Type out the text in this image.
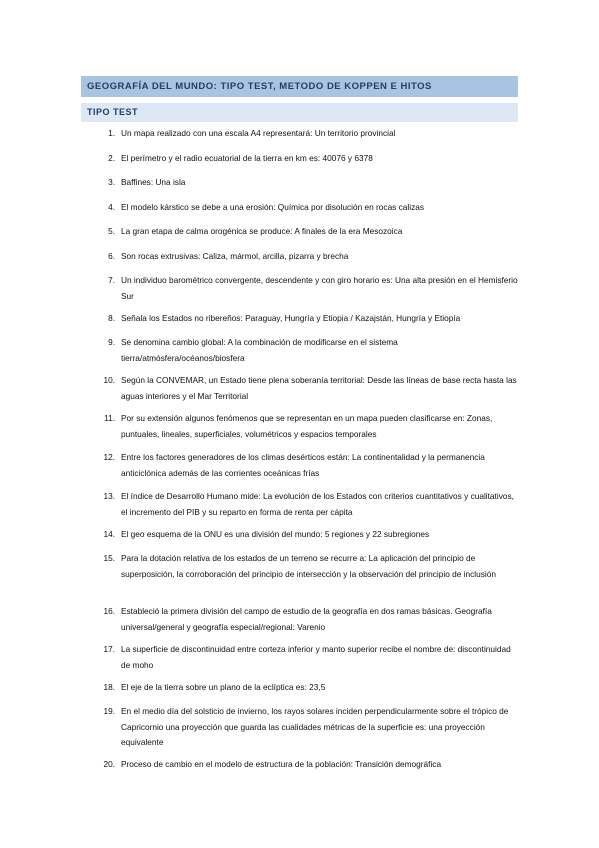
GEOGRAFÍA DEL MUNDO: TIPO TEST, METODO DE KOPPEN E HITOS
TIPO TEST
1. Un mapa realizado con una escala A4 representará: Un territorio provincial
2. El perímetro y el radio ecuatorial de la tierra en km es: 40076 y 6378
3. Baffines: Una isla
4. El modelo kárstico se debe a una erosión: Química por disolución en rocas calizas
5. La gran etapa de calma orogénica se produce: A finales de la era Mesozoica
6. Son rocas extrusivas: Caliza, mármol, arcilla, pizarra y brecha
7. Un individuo barométrico convergente, descendente y con giro horario es: Una alta presión en el Hemisferio Sur
8. Señala los Estados no ribereños: Paraguay, Hungría y Etiopia / Kazajstán, Hungría y Etiopía
9. Se denomina cambio global: A la combinación de modificarse en el sistema tierra/atmósfera/océanos/biosfera
10. Según la CONVEMAR, un Estado tiene plena soberanía territorial: Desde las líneas de base recta hasta las aguas interiores y el Mar Territorial
11. Por su extensión algunos fenómenos que se representan en un mapa pueden clasificarse en: Zonas, puntuales, lineales, superficiales, volumétricos y espacios temporales
12. Entre los factores generadores de los climas desérticos están: La continentalidad y la permanencia anticiclónica además de las corrientes oceánicas frías
13. El índice de Desarrollo Humano mide: La evolución de los Estados con criterios cuantitativos y cualitativos, el incremento del PIB y su reparto en forma de renta per cápita
14. El geo esquema de la ONU es una división del mundo: 5 regiones y 22 subregiones
15. Para la dotación relativa de los estados de un terreno se recurre a: La aplicación del principio de superposición, la corroboración del principio de intersección y la observación del principio de inclusión
16. Estableció la primera división del campo de estudio de la geografía en dos ramas básicas. Geografía universal/general y geografía especial/regional: Varenio
17. La superficie de discontinuidad entre corteza inferior y manto superior recibe el nombre de: discontinuidad de moho
18. El eje de la tierra sobre un plano de la eclíptica es: 23,5
19. En el medio día del solsticio de invierno, los rayos solares inciden perpendicularmente sobre el trópico de Capricornio una proyección que guarda las cualidades métricas de la superficie es: una proyección equivalente
20. Proceso de cambio en el modelo de estructura de la población: Transición demográfica
